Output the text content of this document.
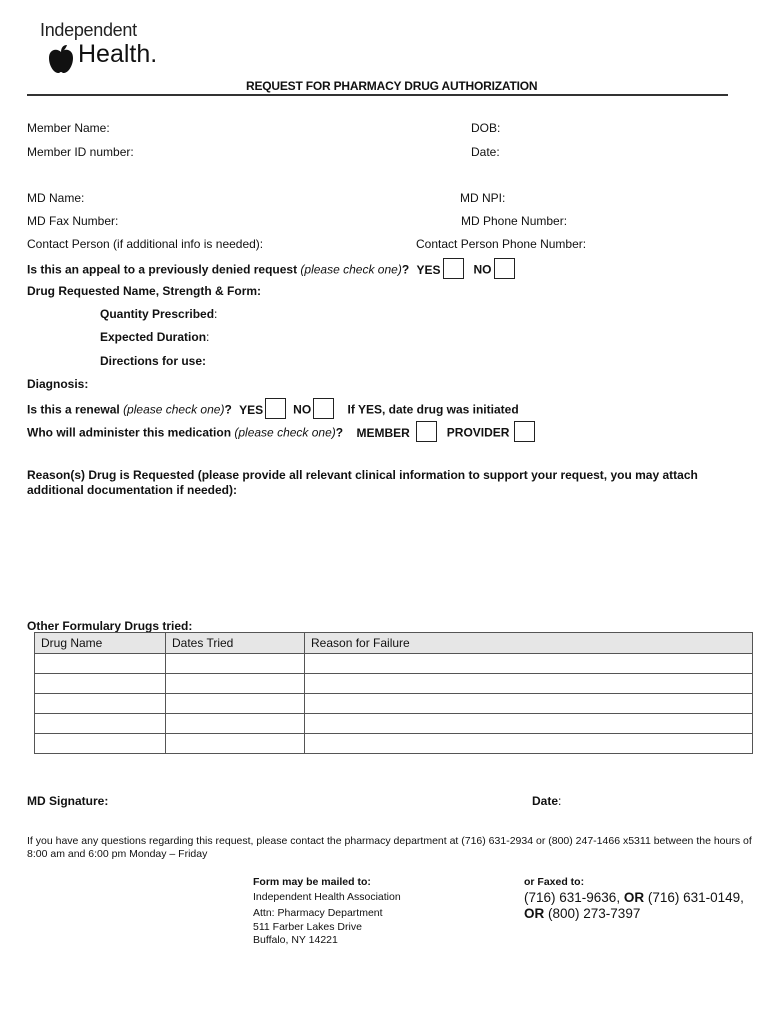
Independent
Health.
REQUEST FOR PHARMACY DRUG AUTHORIZATION
Member Name:	DOB:
Member ID number:	Date:
MD Name:	MD NPI:
MD Fax Number:	MD Phone Number:
Contact Person (if additional info is needed):	Contact Person Phone Number:
Is this an appeal to a previously denied request (please check one)? YES	NO
Drug Requested Name, Strength & Form:
Quantity Prescribed:
Expected Duration:
Directions for use:
Diagnosis:
Is this a renewal (please check one)? YES	NO	If YES, date drug was initiated
Who will administer this medication (please check one)? MEMBER	PROVIDER
Reason(s) Drug is Requested (please provide all relevant clinical information to support your request, you may attach additional documentation if needed):
Other Formulary Drugs tried:
Drug Name	Dates Tried	Reason for Failure

MD Signature:	Date:
If you have any questions regarding this request, please contact the pharmacy department at (716) 631-2934 or (800) 247-1466 x5311 between the hours of 8:00 am and 6:00 pm Monday – Friday
Form may be mailed to:
Independent Health Association
Attn: Pharmacy Department
511 Farber Lakes Drive
Buffalo, NY 14221
or Faxed to:
(716) 631-9636, OR (716) 631-0149,
OR (800) 273-7397
